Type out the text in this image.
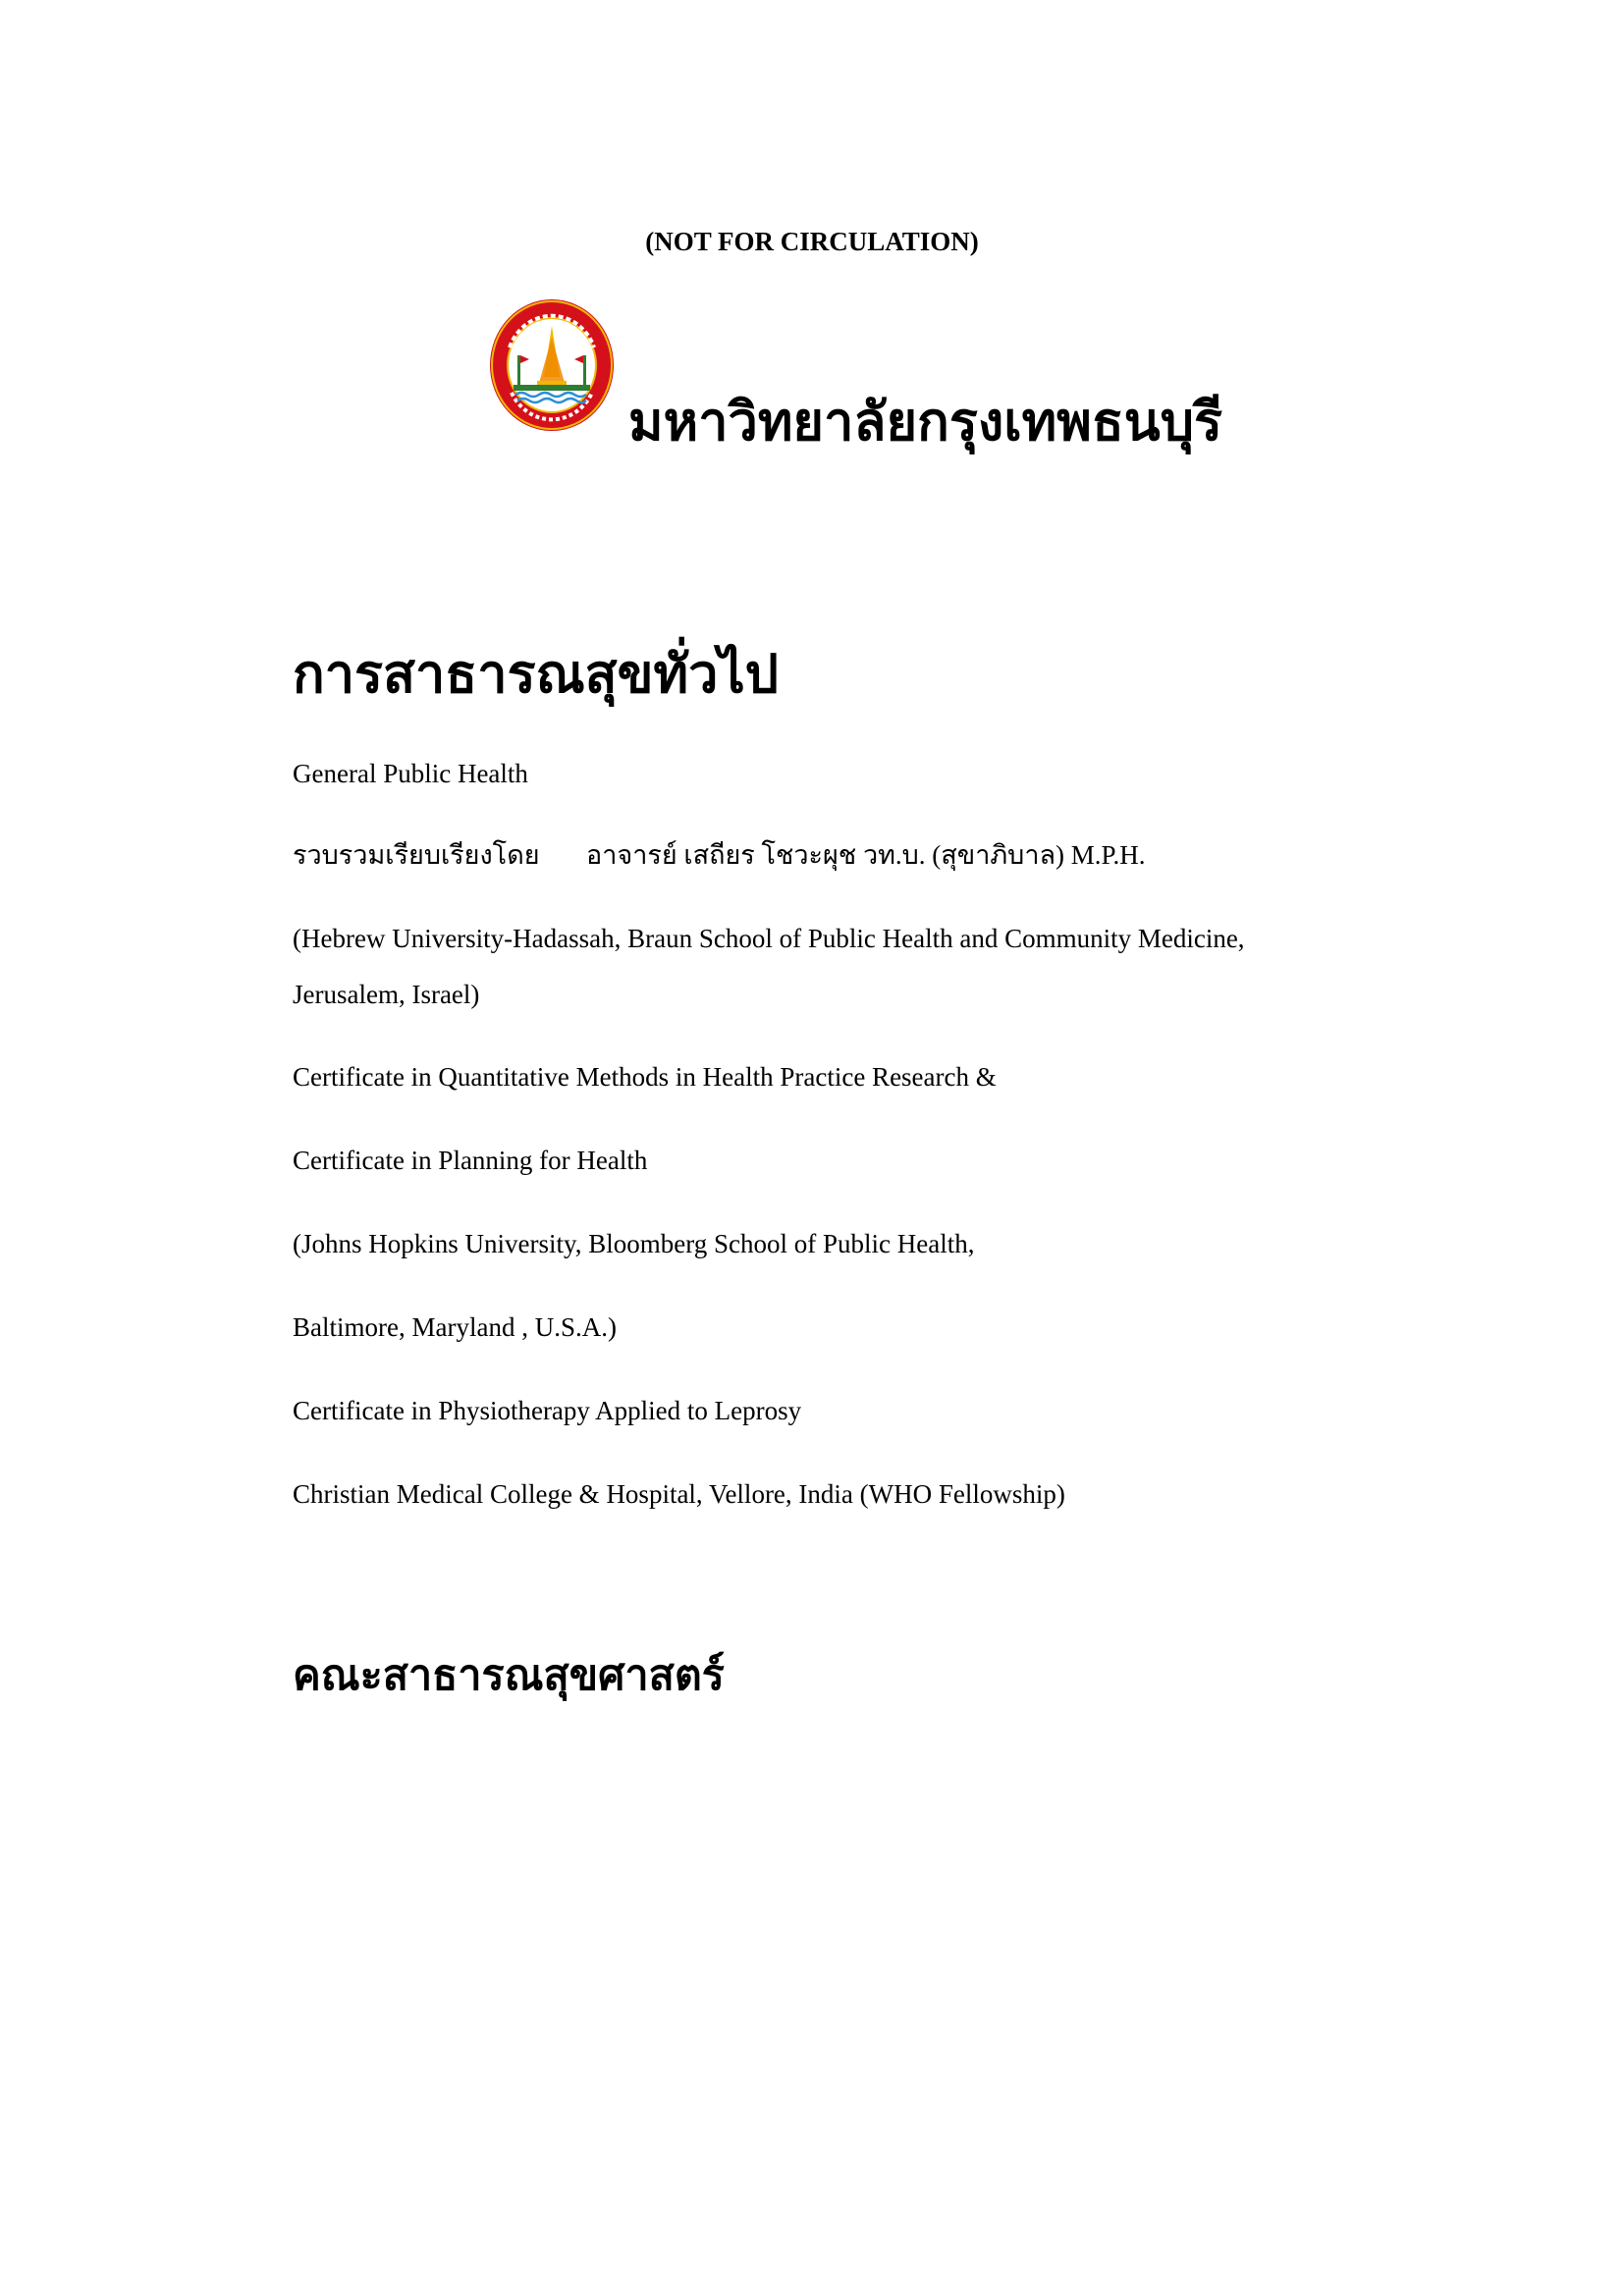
(NOT FOR CIRCULATION)
มหาวิทยาลัยกรุงเทพธนบุรี
การสาธารณสุขทั่วไป
General Public Health
รวบรวมเรียบเรียงโดย อาจารย์ เสถียร โชวะผุช วท.บ. (สุขาภิบาล) M.P.H.
(Hebrew University-Hadassah, Braun School of Public Health and Community Medicine,
Jerusalem, Israel)
Certificate in Quantitative Methods in Health Practice Research &
Certificate in Planning for Health
(Johns Hopkins University, Bloomberg School of Public Health,
Baltimore, Maryland , U.S.A.)
Certificate in Physiotherapy Applied to Leprosy
Christian Medical College & Hospital, Vellore, India (WHO Fellowship)
คณะสาธารณสุขศาสตร์
